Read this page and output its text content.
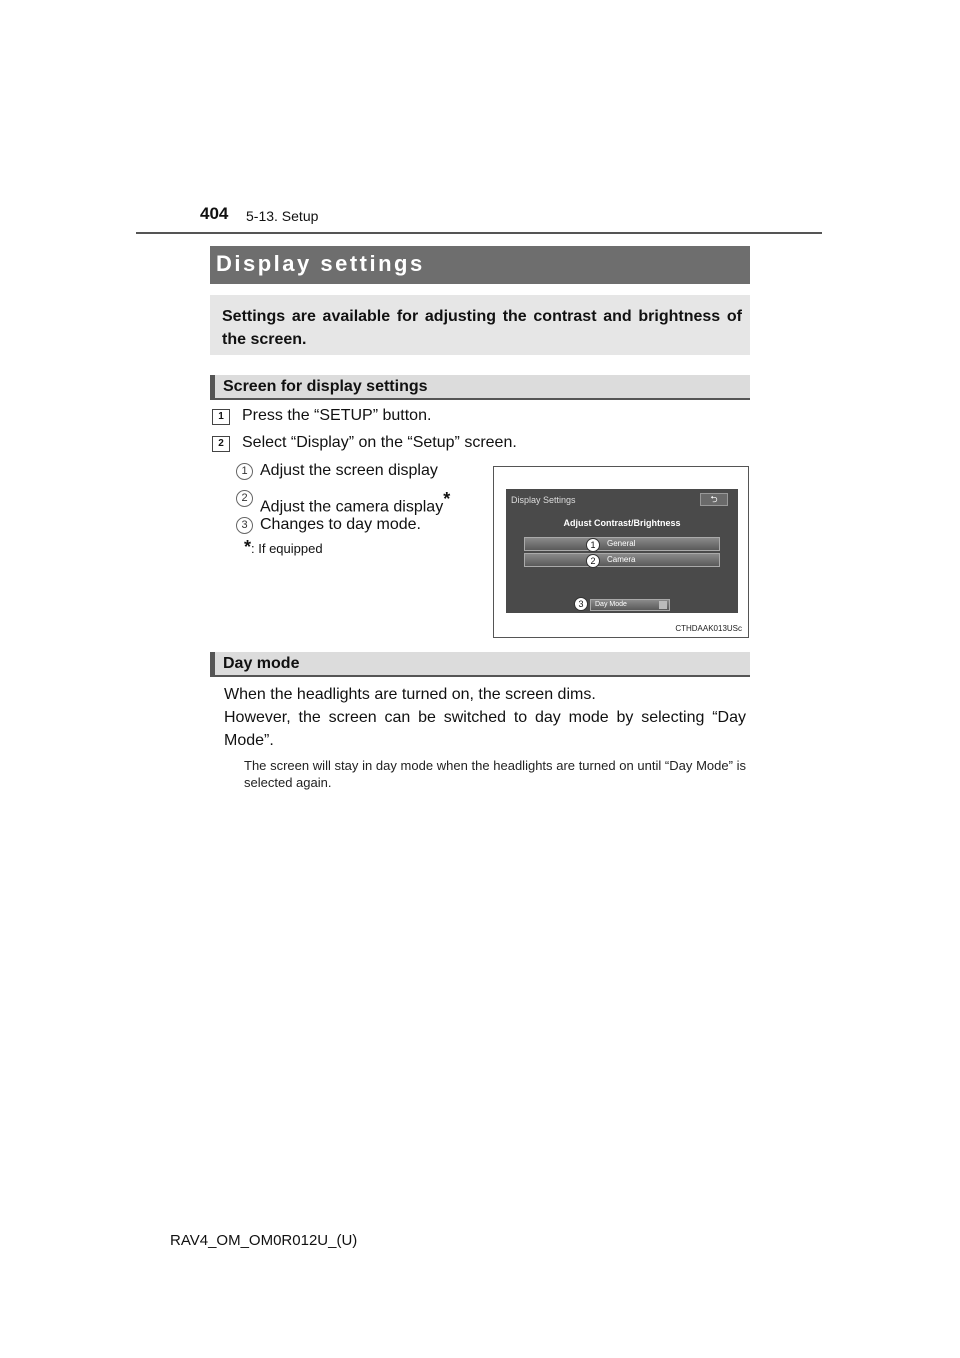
404 5-13. Setup
Display settings

Settings are available for adjusting the contrast and brightness of the screen.

Screen for display settings
1	Press the “SETUP” button.
2	Select “Display” on the “Setup” screen.
1 Adjust the screen display
2
Adjust the camera display*
3 Changes to day mode.
*: If equipped
Display Settings	⮌
Adjust Contrast/Brightness
General
Camera
Day Mode
1
2
3
CTHDAAK013USc
Day mode

When the headlights are turned on, the screen dims.

However, the screen can be switched to day mode by selecting “Day Mode”.

The screen will stay in day mode when the headlights are turned on until “Day Mode” is selected again.

RAV4_OM_OM0R012U_(U)
